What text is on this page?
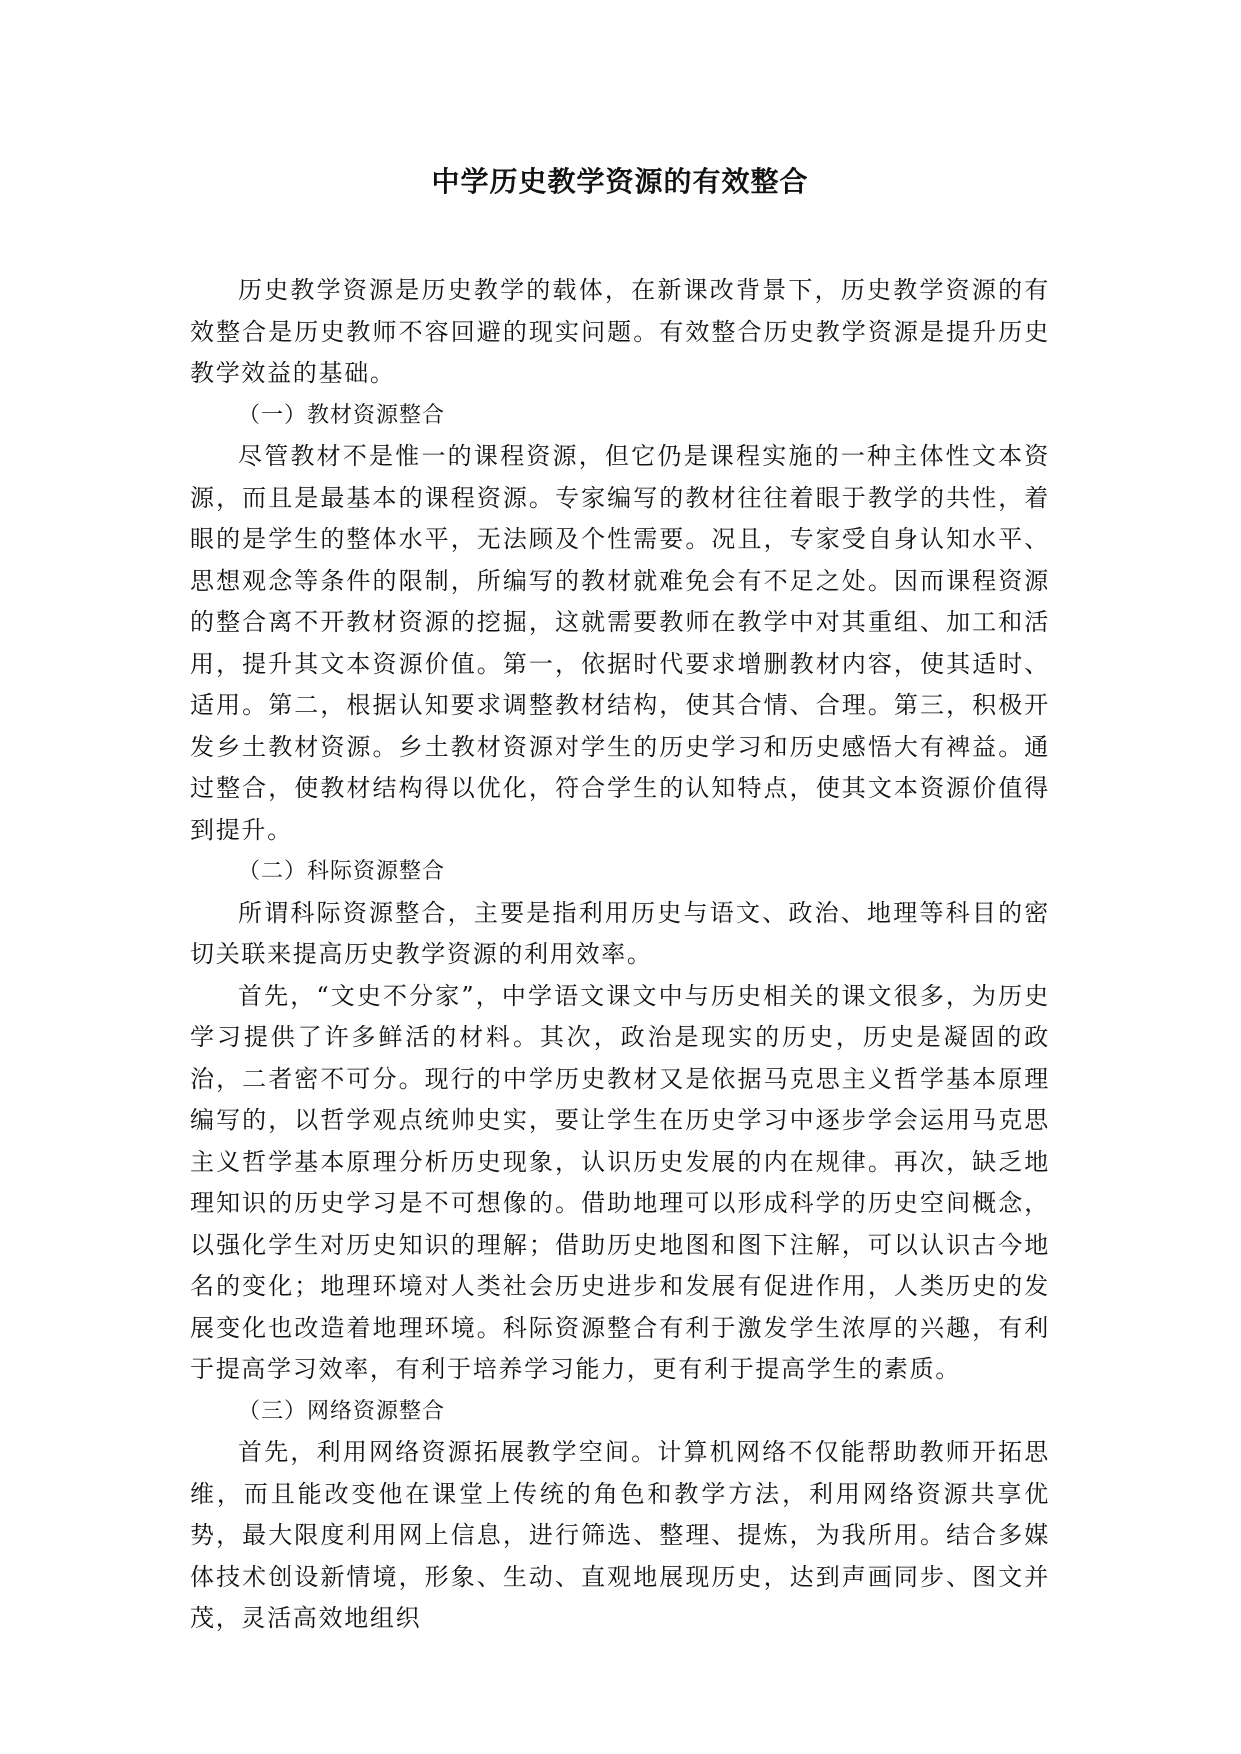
中学历史教学资源的有效整合

历史教学资源是历史教学的载体，在新课改背景下，历史教学资源的有效整合是历史教师不容回避的现实问题。有效整合历史教学资源是提升历史教学效益的基础。

（一）教材资源整合

尽管教材不是惟一的课程资源，但它仍是课程实施的一种主体性文本资源，而且是最基本的课程资源。专家编写的教材往往着眼于教学的共性，着眼的是学生的整体水平，无法顾及个性需要。况且，专家受自身认知水平、思想观念等条件的限制，所编写的教材就难免会有不足之处。因而课程资源的整合离不开教材资源的挖掘，这就需要教师在教学中对其重组、加工和活用，提升其文本资源价值。第一，依据时代要求增删教材内容，使其适时、适用。第二，根据认知要求调整教材结构，使其合情、合理。第三，积极开发乡土教材资源。乡土教材资源对学生的历史学习和历史感悟大有裨益。通过整合，使教材结构得以优化，符合学生的认知特点，使其文本资源价值得到提升。

（二）科际资源整合

所谓科际资源整合，主要是指利用历史与语文、政治、地理等科目的密切关联来提高历史教学资源的利用效率。

首先，“文史不分家”，中学语文课文中与历史相关的课文很多，为历史学习提供了许多鲜活的材料。其次，政治是现实的历史，历史是凝固的政治，二者密不可分。现行的中学历史教材又是依据马克思主义哲学基本原理编写的，以哲学观点统帅史实，要让学生在历史学习中逐步学会运用马克思主义哲学基本原理分析历史现象，认识历史发展的内在规律。再次，缺乏地理知识的历史学习是不可想像的。借助地理可以形成科学的历史空间概念，以强化学生对历史知识的理解；借助历史地图和图下注解，可以认识古今地名的变化；地理环境对人类社会历史进步和发展有促进作用，人类历史的发展变化也改造着地理环境。科际资源整合有利于激发学生浓厚的兴趣，有利于提高学习效率，有利于培养学习能力，更有利于提高学生的素质。

（三）网络资源整合

首先，利用网络资源拓展教学空间。计算机网络不仅能帮助教师开拓思维，而且能改变他在课堂上传统的角色和教学方法，利用网络资源共享优势，最大限度利用网上信息，进行筛选、整理、提炼，为我所用。结合多媒体技术创设新情境，形象、生动、直观地展现历史，达到声画同步、图文并茂，灵活高效地组织
